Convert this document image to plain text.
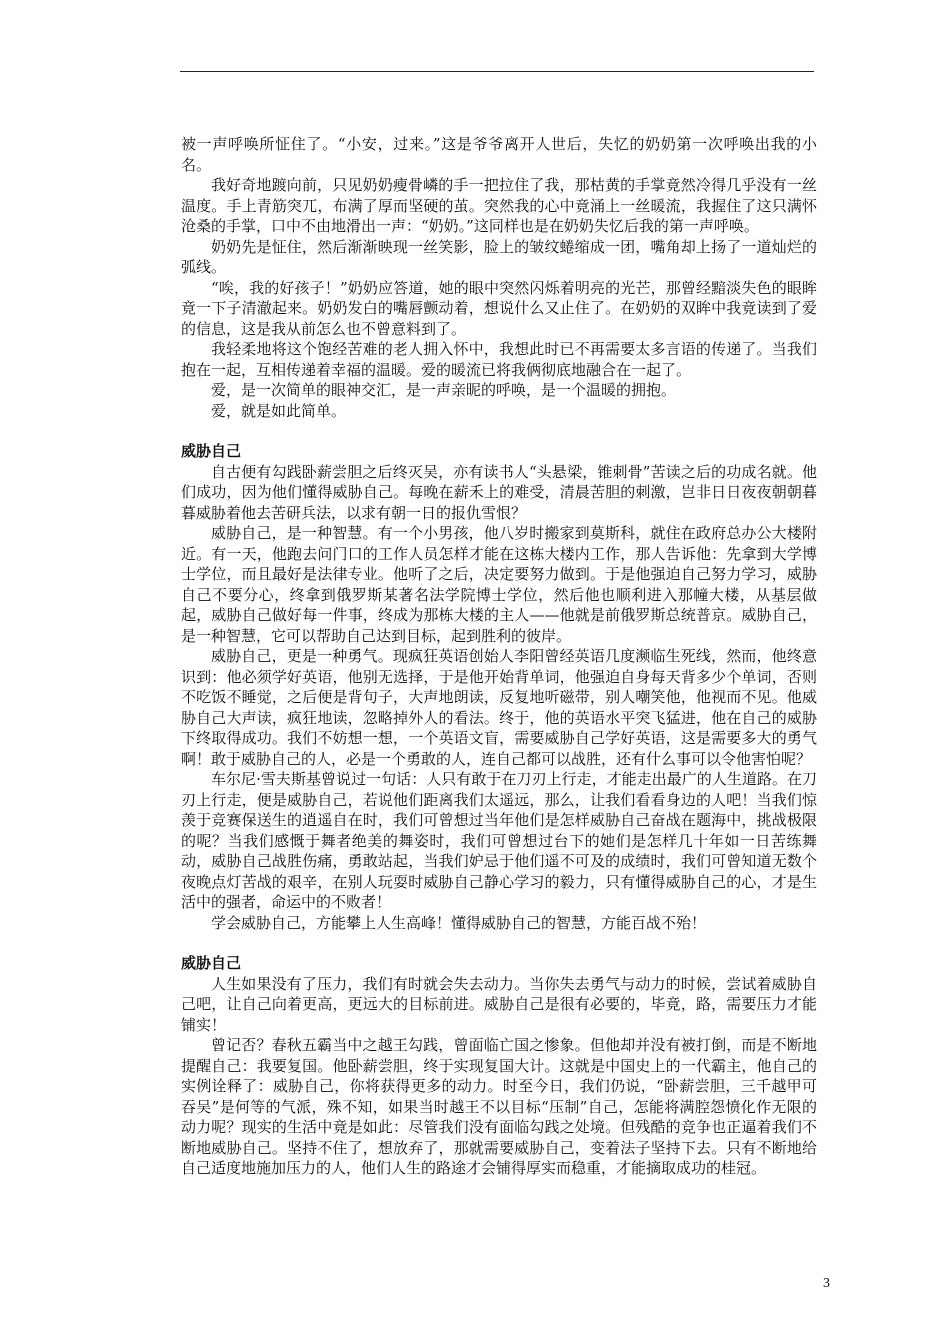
被一声呼唤所怔住了。“小安，过来。”这是爷爷离开人世后，失忆的奶奶第一次呼唤出我的小名。

我好奇地踱向前，只见奶奶瘦骨嶙的手一把拉住了我，那枯黄的手掌竟然冷得几乎没有一丝温度。手上青筋突兀，布满了厚而坚硬的茧。突然我的心中竟涌上一丝暖流，我握住了这只满怀沧桑的手掌，口中不由地滑出一声：“奶奶。”这同样也是在奶奶失忆后我的第一声呼唤。

奶奶先是怔住，然后渐渐映现一丝笑影，脸上的皱纹蜷缩成一团，嘴角却上扬了一道灿烂的弧线。

“唉，我的好孩子！”奶奶应答道，她的眼中突然闪烁着明亮的光芒，那曾经黯淡失色的眼眸竟一下子清澈起来。奶奶发白的嘴唇颤动着，想说什么又止住了。在奶奶的双眸中我竟读到了爱的信息，这是我从前怎么也不曾意料到了。

我轻柔地将这个饱经苦难的老人拥入怀中，我想此时已不再需要太多言语的传递了。当我们抱在一起，互相传递着幸福的温暖。爱的暖流已将我俩彻底地融合在一起了。

爱，是一次简单的眼神交汇，是一声亲昵的呼唤，是一个温暖的拥抱。

爱，就是如此简单。

威胁自己

自古便有勾践卧薪尝胆之后终灭吴，亦有读书人“头悬梁，锥刺骨”苦读之后的功成名就。他们成功，因为他们懂得威胁自己。每晚在薪禾上的难受，清晨苦胆的刺激，岂非日日夜夜朝朝暮暮威胁着他去苦研兵法，以求有朝一日的报仇雪恨？

威胁自己，是一种智慧。有一个小男孩，他八岁时搬家到莫斯科，就住在政府总办公大楼附近。有一天，他跑去问门口的工作人员怎样才能在这栋大楼内工作，那人告诉他：先拿到大学博士学位，而且最好是法律专业。他听了之后，决定要努力做到。于是他强迫自己努力学习，威胁自己不要分心，终拿到俄罗斯某著名法学院博士学位，然后他也顺利进入那幢大楼，从基层做起，威胁自己做好每一件事，终成为那栋大楼的主人——他就是前俄罗斯总统普京。威胁自己，是一种智慧，它可以帮助自己达到目标，起到胜利的彼岸。

威胁自己，更是一种勇气。现疯狂英语创始人李阳曾经英语几度濒临生死线，然而，他终意识到：他必须学好英语，他别无选择，于是他开始背单词，他强迫自身每天背多少个单词，否则不吃饭不睡觉，之后便是背句子，大声地朗读，反复地听磁带，别人嘲笑他，他视而不见。他威胁自己大声读，疯狂地读，忽略掉外人的看法。终于，他的英语水平突飞猛进，他在自己的威胁下终取得成功。我们不妨想一想，一个英语文盲，需要威胁自己学好英语，这是需要多大的勇气啊！敢于威胁自己的人，必是一个勇敢的人，连自己都可以战胜，还有什么事可以令他害怕呢？

车尔尼·雪夫斯基曾说过一句话：人只有敢于在刀刃上行走，才能走出最广的人生道路。在刀刃上行走，便是威胁自己，若说他们距离我们太遥远，那么，让我们看看身边的人吧！当我们惊羡于竞赛保送生的逍遥自在时，我们可曾想过当年他们是怎样威胁自己奋战在题海中，挑战极限的呢？当我们感慨于舞者绝美的舞姿时，我们可曾想过台下的她们是怎样几十年如一日苦练舞动，威胁自己战胜伤痛，勇敢站起，当我们妒忌于他们遥不可及的成绩时，我们可曾知道无数个夜晚点灯苦战的艰辛，在别人玩耍时威胁自己静心学习的毅力，只有懂得威胁自己的心，才是生活中的强者，命运中的不败者！

学会威胁自己，方能攀上人生高峰！懂得威胁自己的智慧，方能百战不殆！

威胁自己

人生如果没有了压力，我们有时就会失去动力。当你失去勇气与动力的时候，尝试着威胁自己吧，让自己向着更高，更远大的目标前进。威胁自己是很有必要的，毕竟，路，需要压力才能铺实！

曾记否？春秋五霸当中之越王勾践，曾面临亡国之惨象。但他却并没有被打倒，而是不断地提醒自己：我要复国。他卧薪尝胆，终于实现复国大计。这就是中国史上的一代霸主，他自己的实例诠释了：威胁自己，你将获得更多的动力。时至今日，我们仍说，“卧薪尝胆，三千越甲可吞吴”是何等的气派，殊不知，如果当时越王不以目标“压制”自己，怎能将满腔怨愤化作无限的动力呢？现实的生活中竟是如此：尽管我们没有面临勾践之处境。但残酷的竞争也正逼着我们不断地威胁自己。坚持不住了，想放弃了，那就需要威胁自己，变着法子坚持下去。只有不断地给自己适度地施加压力的人，他们人生的路途才会铺得厚实而稳重，才能摘取成功的桂冠。

3
